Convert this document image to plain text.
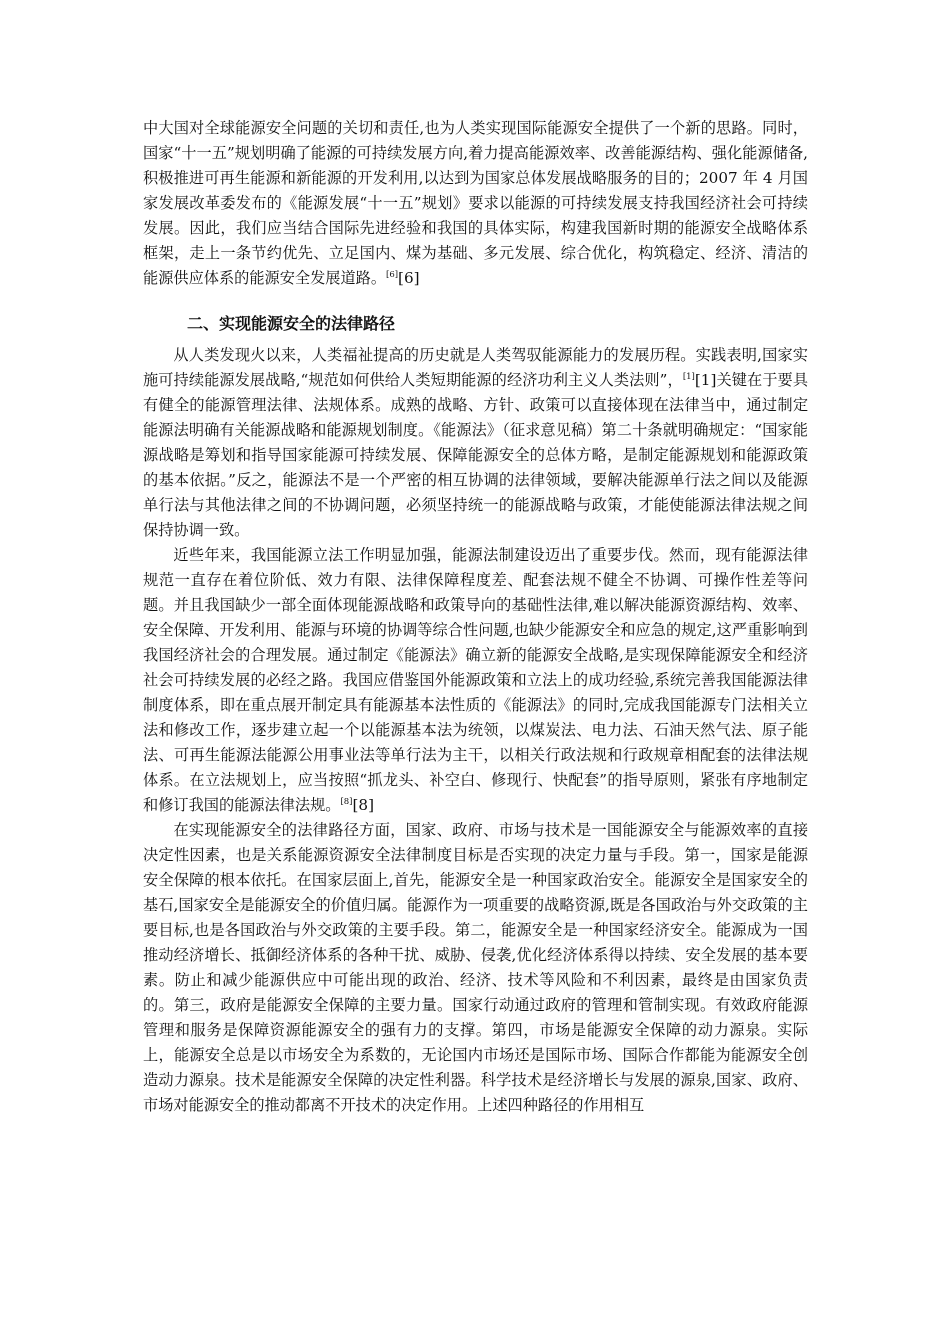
中大国对全球能源安全问题的关切和责任,也为人类实现国际能源安全提供了一个新的思路。同时，国家“十一五”规划明确了能源的可持续发展方向,着力提高能源效率、改善能源结构、强化能源储备,积极推进可再生能源和新能源的开发利用,以达到为国家总体发展战略服务的目的；2007 年 4 月国家发展改革委发布的《能源发展“十一五”规划》要求以能源的可持续发展支持我国经济社会可持续发展。因此，我们应当结合国际先进经验和我国的具体实际，构建我国新时期的能源安全战略体系框架，走上一条节约优先、立足国内、煤为基础、多元发展、综合优化，构筑稳定、经济、清洁的能源供应体系的能源安全发展道路。[6][6]

二、实现能源安全的法律路径

从人类发现火以来，人类福祉提高的历史就是人类驾驭能源能力的发展历程。实践表明,国家实施可持续能源发展战略,“规范如何供给人类短期能源的经济功利主义人类法则”，[1][1]关键在于要具有健全的能源管理法律、法规体系。成熟的战略、方针、政策可以直接体现在法律当中，通过制定能源法明确有关能源战略和能源规划制度。《能源法》（征求意见稿）第二十条就明确规定：“国家能源战略是筹划和指导国家能源可持续发展、保障能源安全的总体方略，是制定能源规划和能源政策的基本依据。”反之，能源法不是一个严密的相互协调的法律领域，要解决能源单行法之间以及能源单行法与其他法律之间的不协调问题，必须坚持统一的能源战略与政策，才能使能源法律法规之间保持协调一致。

近些年来，我国能源立法工作明显加强，能源法制建设迈出了重要步伐。然而，现有能源法律规范一直存在着位阶低、效力有限、法律保障程度差、配套法规不健全不协调、可操作性差等问题。并且我国缺少一部全面体现能源战略和政策导向的基础性法律,难以解决能源资源结构、效率、安全保障、开发利用、能源与环境的协调等综合性问题,也缺少能源安全和应急的规定,这严重影响到我国经济社会的合理发展。通过制定《能源法》确立新的能源安全战略,是实现保障能源安全和经济社会可持续发展的必经之路。我国应借鉴国外能源政策和立法上的成功经验,系统完善我国能源法律制度体系，即在重点展开制定具有能源基本法性质的《能源法》的同时,完成我国能源专门法相关立法和修改工作，逐步建立起一个以能源基本法为统领，以煤炭法、电力法、石油天然气法、原子能法、可再生能源法能源公用事业法等单行法为主干，以相关行政法规和行政规章相配套的法律法规体系。在立法规划上，应当按照“抓龙头、补空白、修现行、快配套”的指导原则，紧张有序地制定和修订我国的能源法律法规。[8][8]

在实现能源安全的法律路径方面，国家、政府、市场与技术是一国能源安全与能源效率的直接决定性因素，也是关系能源资源安全法律制度目标是否实现的决定力量与手段。第一，国家是能源安全保障的根本依托。在国家层面上,首先，能源安全是一种国家政治安全。能源安全是国家安全的基石,国家安全是能源安全的价值归属。能源作为一项重要的战略资源,既是各国政治与外交政策的主要目标,也是各国政治与外交政策的主要手段。第二，能源安全是一种国家经济安全。能源成为一国推动经济增长、抵御经济体系的各种干扰、威胁、侵袭,优化经济体系得以持续、安全发展的基本要素。防止和减少能源供应中可能出现的政治、经济、技术等风险和不利因素，最终是由国家负责的。第三，政府是能源安全保障的主要力量。国家行动通过政府的管理和管制实现。有效政府能源管理和服务是保障资源能源安全的强有力的支撑。第四，市场是能源安全保障的动力源泉。实际上，能源安全总是以市场安全为系数的，无论国内市场还是国际市场、国际合作都能为能源安全创造动力源泉。技术是能源安全保障的决定性利器。科学技术是经济增长与发展的源泉,国家、政府、市场对能源安全的推动都离不开技术的决定作用。上述四种路径的作用相互
